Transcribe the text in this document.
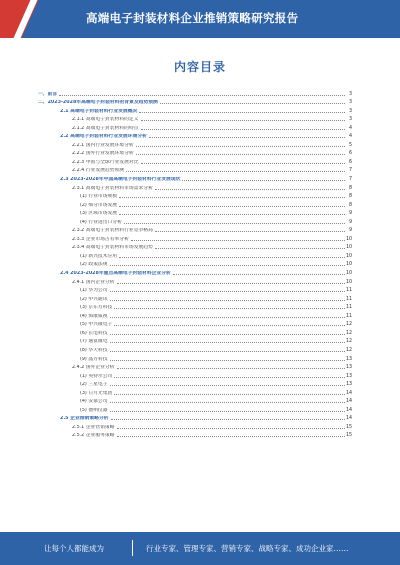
高端电子封装材料企业推销策略研究报告
内容目录
一、前言	3
二、2023-2028年高端电子封装材料的背景及趋势预测	3
2.1 高端电子封装材料行业发展概况	3
2.1.1 高端电子封装材料的定义	3
2.1.2 高端电子封装材料的特点	4
2.2 高端电子封装材料行业发展环境分析	4
2.2.1 国内行业发展环境分析	5
2.2.2 国外行业发展环境分析	6
2.2.3 中国与全球行业发展对比	6
2.2.4 行业发展趋势预测	7
2.3 2023-2028年中国高端电子封装材料行业发展现状	7
2.3.1 高端电子封装材料市场需求分析	8
(1) 行业市场规模	8
(2) 细分市场发展	8
(3) 区域市场发展	9
(4) 行业进出口分析	9
2.3.2 高端电子封装材料行业竞争格局	9
2.3.3 企业市场占有率分析	10
2.3.4 高端电子封装材料市场发展趋势	10
(1) 新兴技术应用	10
(2) 政策法规	10
2.4 2023-2028年重点高端电子封装材料企业分析	10
2.4.1 国内企业分析	10
(1) 华为公司	11
(2) 中兴通讯	11
(3) 京东方科技	11
(4) 海康威视	11
(5) 中兴微电子	12
(6) 长电科技	12
(7) 通富微电	12
(8) 华天科技	12
(9) 晶方科技	13
2.4.2 国外企业分析	13
(1) 英特尔公司	13
(2) 三星电子	13
(3) 日月光集团	14
(4) 安靠公司	14
(5) 德州仪器	14
2.5 企业推销策略分析	14
2.5.1 企业营销策略	15
2.5.2 企业服务策略	15
让每个人都能成为	行业专家、管理专家、营销专家、战略专家、成功企业家……
